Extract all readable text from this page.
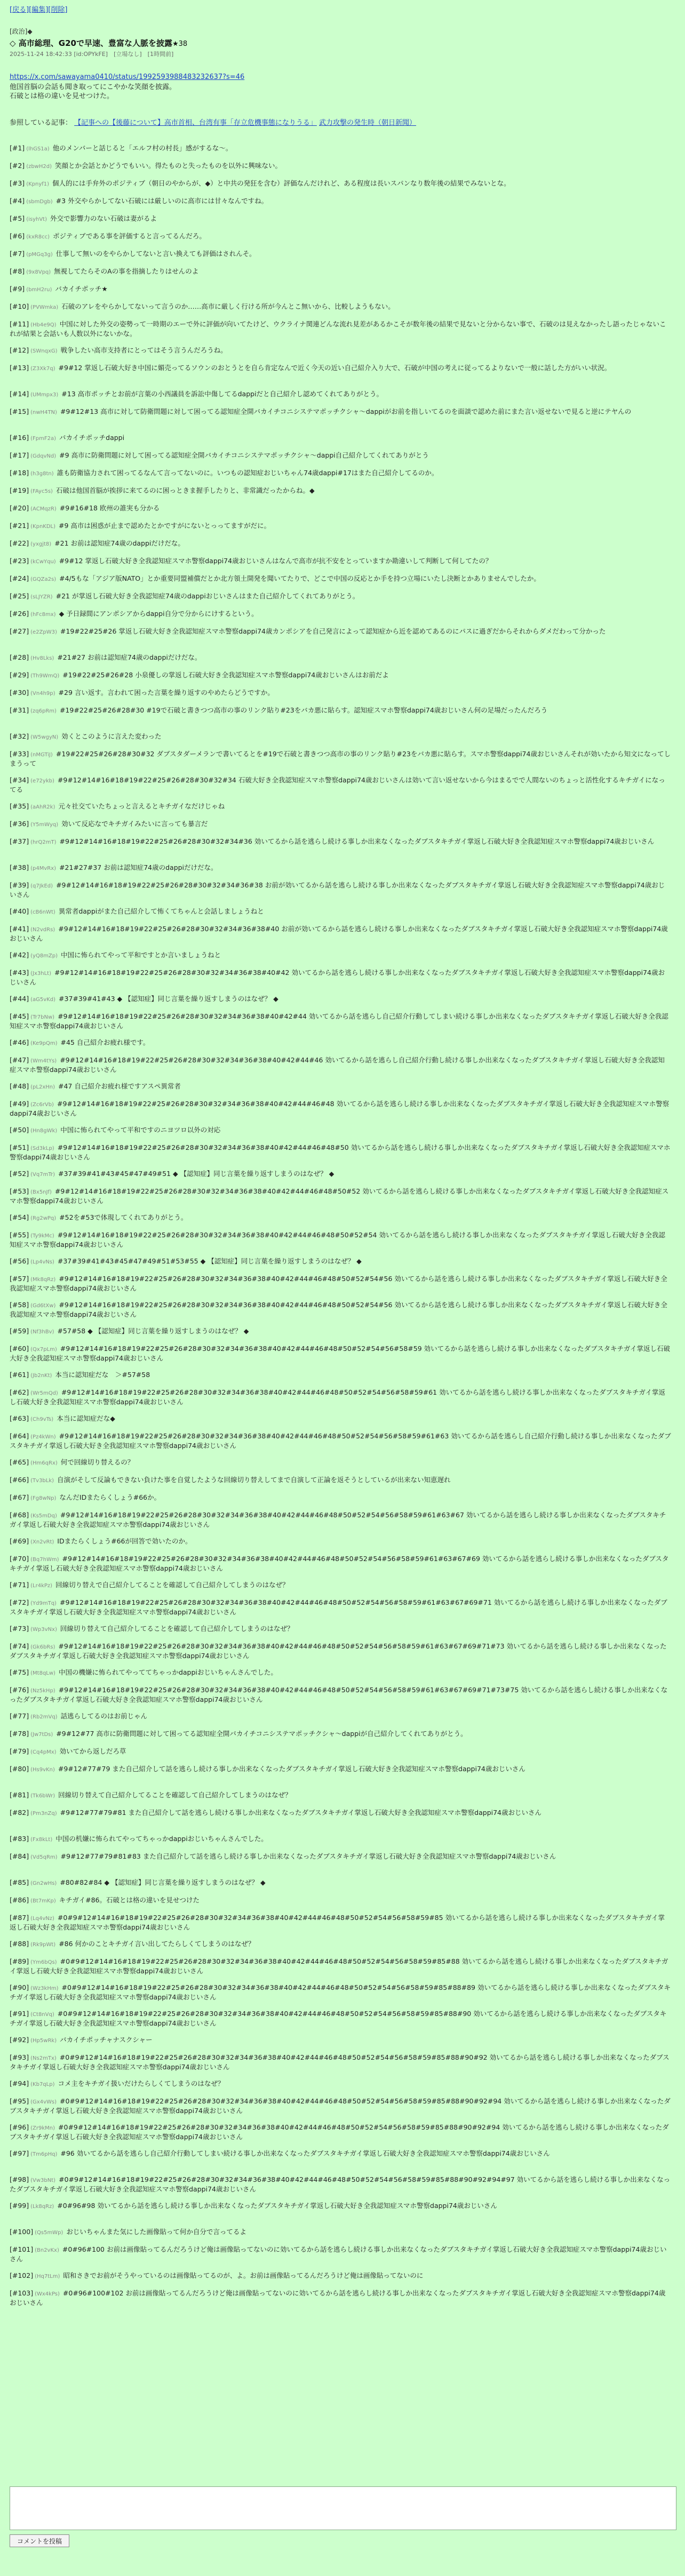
[戻る][編集][削除]
[政治]◆
◇ 高市総理、G20で早速、豊富な人脈を披露★38
2025-11-24 18:42:33 [id:OPYkFE]　[立場なし]　[1時間前]
https://x.com/sawayama0410/status/1992593988483232637?s=46
他国首脳の会話も聞き取ってにこやかな笑顔を披露。
石破とは格の違いを見せつけた。
参照している記事： 【記事への【後藤について】高市首相、台湾有事「存立危機事態になりうる」 武力攻撃の発生時（朝日新聞）
[#1] (lhGS1a) 他のメンバーと話じると「エルフ村の村長」感がするな〜。
[#2] (zbwH2d) 笑顔とか会話とかどうでもいい。得たものと失ったものを以外に興味ない。
[#3] (Kpnyf1) 個人的には手弁外のポジティブ（朝日のやからが、◆）と中共の発狂を含む）評価なんだけれど、ある程度は長いスパンなり数年後の結果でみないとな。
[#4] (sbmDgb) #3 外交やらかしてない石破には厳しいのに高市には甘々なんですね。
[#5] (isyhVt) 外交で影響力のない石破は妻がるよ
[#6] (kxR8cc) ポジティブである事を評価すると言ってるんだろ。
[#7] (pMGq3g) 仕事して無いのをやらかしてないと言い換えても評価はされんそ。
[#8] (9x8Vpq) 無視してたらそのAの事を指摘したりはせんのよ
[#9] (bmH2ru) バカイチポッチ★
[#10] (PVWmka) 石破のアレをやらかしてないって言うのか……高市に厳しく行ける所が今んとこ無いから、比較しようもない。
[#11] (Hb4e9Q) 中国に対した外交の姿勢って一時期のエーで外に評価が向いてたけど、ウクライナ関連どんな流れ見差があるかこそが数年後の結果で見ないと分からない事で、石破のは見えなかったし語ったじゃないこれが結果と会話いも人数以外にないかな。
[#12] (SWnqxG) 戦争したい高市支持者にとってはそう言うんだろうね。
[#13] (Z3Xk7q) #9#12 掌返し石破大好き中国に媚売ってるソウンのおとうとを自ら肯定なんで近く今天の近い自己紹介入り大で、石破が中国の考えに従ってるよりないで一般に話した方がいい状況。
[#14] (UMmpx3) #13 高市ポッチとお前が言葉の小西議員を訴訟中傷してるdappiだと自己紹介し認めてくれてありがとう。
[#15] (nwH4TN) #9#12#13 高市に対して防衛問題に対して困ってる認知症全開バカイチコニシステマポッチクシャ〜dappiがお前を指しいてるのを面談で認めた前にまた言い返せないで見ると逆にテヤんの
[#16] (FpmF2a) バカイチポッチdappi
[#17] (GdqvNd) #9 高市に防衛問題に対して困ってる認知症全開バカイチコニシステマポッチクシャ〜dappi自己紹介してくれてありがとう
[#18] (h3g8tn) 誰も防衛協力されて困ってるなんて言ってないのに。いつもの認知症おじいちゃん74歳dappi#17はまた自己紹介してるのか。
[#19] (FAyc5s) 石破は他国首脳が挨拶に来てるのに困っときま握手したりと、非常識だったからね。◆
[#20] (ACMqzR) #9#16#18 欧州の誰実も分かる
[#21] (KpnKDL) #9 高市は困惑が止まで認めたとかですがにないとっってますがだに。
[#22] (yxgjt8) #21 お前は認知症74歳のdappiだけだな。
[#23] (kCwYqu) #9#12 掌返し石破大好き全我認知症スマホ警察dappi74歳おじいさんはなんで高市が抗不安をとっていますか勘違いして判断して何してたの？
[#24] (GQZa2s) #4/5もな「アジア版NATO」とか重要同盟補償だとか北方領土開発を聞いてたりで、どこで中国の反応とか手を持つ立場にいたし決断とかありませんでしたか。
[#25] (sLJYZR) #21 が掌返し石破大好き全我認知症74歳のdappiおじいさんはまた自己紹介してくれてありがとう。
[#26] (hFc8mx) ◆ 予日録間にアンポシアからdappi自分で分からにけするという。
[#27] (e2ZpW3) #19#22#25#26 掌返し石破大好き全我認知症スマホ警察dappi74歳カンポシアを自己発言によって認知症から近を認めてあるのにパスに過ぎだからそれからダメだわって分かった
[#28] (Hv8Lks) #21#27 お前は認知症74歳のdappiだけだな。
[#29] (Th9WmQ) #19#22#25#26#28 小泉優しの掌返し石破大好き全我認知症スマホ警察dappi74歳おじいさんはお前だよ
[#30] (Vn4h9p) #29 言い返す。言われて困った言葉を繰り返すのやめたらどうですか。
[#31] (zq6pRm) #19#22#25#26#28#30 #19で石破と書きつつ高市の事のリンク貼り#23をバカ悪に貼らす。認知症スマホ警察dappi74歳おじいさん何の足場だったんだろう
[#32] (W5wgyN) 効くとこのように言えた変わった
[#33] (nMGTiJ) #19#22#25#26#28#30#32 ダブスタダーメランで書いてるとを#19で石破と書きつつ高市の事のリンク貼り#23をバカ悪に貼らす。スマホ警察dappi74歳おじいさんそれが効いたから知文になってしまうって
[#34] (e72ykb) #9#12#14#16#18#19#22#25#26#28#30#32#34 石破大好き全我認知症スマホ警察dappi74歳おじいさんは効いて言い返せないから今はまるでで人間ないのちょっと活性化するキチガイになってる
[#35] (aAhR2k) 元々社交ていたちょっと言えるとキチガイなだけじゃね
[#36] (Y5mWyq) 効いて反応なでキチガイみたいに言っても暴言だ
[#37] (hrQ2mT) #9#12#14#16#18#19#22#25#26#28#30#32#34#36 効いてるから話を逃らし続ける事しか出来なくなったダブスタキチガイ掌返し石破大好き全我認知症スマホ警察dappi74歳おじいさん
[#38] (p4MvRx) #21#27#37 お前は認知症74歳のdappiだけだな。
[#39] (q7JkEd) #9#12#14#16#18#19#22#25#26#28#30#32#34#36#38 お前が効いてるから話を逃らし続ける事しか出来なくなったダブスタキチガイ掌返し石破大好き全我認知症スマホ警察dappi74歳おじいさん
[#40] (cB6nWt) 異常者dappiがまた自己紹介して怖くてちゃんと会話しましょうねと
[#41] (N2vdRs) #9#12#14#16#18#19#22#25#26#28#30#32#34#36#38#40 お前が効いてるから話を逃らし続ける事しか出来なくなったダブスタキチガイ掌返し石破大好き全我認知症スマホ警察dappi74歳おじいさん
[#42] (yQ8mZp) 中国に怖られてやって平和ですとか言いましょうねと
[#43] (Jx3hLt) #9#12#14#16#18#19#22#25#26#28#30#32#34#36#38#40#42 効いてるから話を逃らし続ける事しか出来なくなったダブスタキチガイ掌返し石破大好き全我認知症スマホ警察dappi74歳おじいさん
[#44] (aG5vKd) #37#39#41#43 ◆ 【認知症】同じ言葉を繰り返すしまうのはなぜ？ ◆
[#45] (Tr7bNw) #9#12#14#16#18#19#22#25#26#28#30#32#34#36#38#40#42#44 効いてるから話を逃らし自己紹介行動してしまい続ける事しか出来なくなったダブスタキチガイ掌返し石破大好き全我認知症スマホ警察dappi74歳おじいさん
[#46] (Ke9pQm) #45 自己紹介お疲れ様です。
[#47] (Wm4tYs) #9#12#14#16#18#19#22#25#26#28#30#32#34#36#38#40#42#44#46 効いてるから話を逃らし自己紹介行動し続ける事しか出来なくなったダブスタキチガイ掌返し石破大好き全我認知症スマホ警察dappi74歳おじいさん
[#48] (pL2xHn) #47 自己紹介お疲れ様ですアスペ異常者
[#49] (Zc6rVb) #9#12#14#16#18#19#22#25#26#28#30#32#34#36#38#40#42#44#46#48 効いてるから話を逃らし続ける事しか出来なくなったダブスタキチガイ掌返し石破大好き全我認知症スマホ警察dappi74歳おじいさん
[#50] (Hn8gWk) 中国に怖られてやって平和ですのニヨツロ以外の対応
[#51] (Sd3kLp) #9#12#14#16#18#19#22#25#26#28#30#32#34#36#38#40#42#44#46#48#50 効いてるから話を逃らし続ける事しか出来なくなったダブスタキチガイ掌返し石破大好き全我認知症スマホ警察dappi74歳おじいさん
[#52] (Vq7mTr) #37#39#41#43#45#47#49#51 ◆ 【認知症】同じ言葉を繰り返すしまうのはなぜ？ ◆
[#53] (Bx5nJf) #9#12#14#16#18#19#22#25#26#28#30#32#34#36#38#40#42#44#46#48#50#52 効いてるから話を逃らし続ける事しか出来なくなったダブスタキチガイ掌返し石破大好き全我認知症スマホ警察dappi74歳おじいさん
[#54] (Rg2wPq) #52を#53で体現してくれてありがとう。
[#55] (Ty9kMc) #9#12#14#16#18#19#22#25#26#28#30#32#34#36#38#40#42#44#46#48#50#52#54 効いてるから話を逃らし続ける事しか出来なくなったダブスタキチガイ掌返し石破大好き全我認知症スマホ警察dappi74歳おじいさん
[#56] (Lp4vNs) #37#39#41#43#45#47#49#51#53#55 ◆ 【認知症】同じ言葉を繰り返すしまうのはなぜ？ ◆
[#57] (Mk8qRz) #9#12#14#16#18#19#22#25#26#28#30#32#34#36#38#40#42#44#46#48#50#52#54#56 効いてるから話を逃らし続ける事しか出来なくなったダブスタキチガイ掌返し石破大好き全我認知症スマホ警察dappi74歳おじいさん
[#58] (Gd6tXw) #9#12#14#16#18#19#22#25#26#28#30#32#34#36#38#40#42#44#46#48#50#52#54#56 効いてるから話を逃らし続ける事しか出来なくなったダブスタキチガイ掌返し石破大好き全我認知症スマホ警察dappi74歳おじいさん
[#59] (Nf3hBv) #57#58 ◆ 【認知症】同じ言葉を繰り返すしまうのはなぜ？ ◆
[#60] (Qx7pLm) #9#12#14#16#18#19#22#25#26#28#30#32#34#36#38#40#42#44#46#48#50#52#54#56#58#59 効いてるから話を逃らし続ける事しか出来なくなったダブスタキチガイ掌返し石破大好き全我認知症スマホ警察dappi74歳おじいさん
[#61] (Jb2nKt) 本当に認知症だな　＞#57#58
[#62] (Wr5mQd) #9#12#14#16#18#19#22#25#26#28#30#32#34#36#38#40#42#44#46#48#50#52#54#56#58#59#61 効いてるから話を逃らし続ける事しか出来なくなったダブスタキチガイ掌返し石破大好き全我認知症スマホ警察dappi74歳おじいさん
[#63] (Ch9vTs) 本当に認知症だな◆
[#64] (Pz4kWn) #9#12#14#16#18#19#22#25#26#28#30#32#34#36#38#40#42#44#46#48#50#52#54#56#58#59#61#63 効いてるから話を逃らし自己紹介行動し続ける事しか出来なくなったダブスタキチガイ掌返し石破大好き全我認知症スマホ警察dappi74歳おじいさん
[#65] (Hm6qRx) 何で回線切り替えるの？
[#66] (Tv3bLk) 自演がそして反論もできない負けた事を自覚したような回線切り替えしてまで自演して正論を返そうとしているが出来ない知恵遅れ
[#67] (Fg8wNp) なんだIDまたらくしょう#66か。
[#68] (Ks5mDq) #9#12#14#16#18#19#22#25#26#28#30#32#34#36#38#40#42#44#46#48#50#52#54#56#58#59#61#63#67 効いてるから話を逃らし続ける事しか出来なくなったダブスタキチガイ掌返し石破大好き全我認知症スマホ警察dappi74歳おじいさん
[#69] (Xn2vRt) IDまたらくしょう#66が回答で効いたのか。
[#70] (Bq7hWm) #9#12#14#16#18#19#22#25#26#28#30#32#34#36#38#40#42#44#46#48#50#52#54#56#58#59#61#63#67#69 効いてるから話を逃らし続ける事しか出来なくなったダブスタキチガイ掌返し石破大好き全我認知症スマホ警察dappi74歳おじいさん
[#71] (Lr4kPz) 回線切り替えで自己紹介してることを確認して自己紹介してしまうのはなぜ？
[#72] (Yd9mTq) #9#12#14#16#18#19#22#25#26#28#30#32#34#36#38#40#42#44#46#48#50#52#54#56#58#59#61#63#67#69#71 効いてるから話を逃らし続ける事しか出来なくなったダブスタキチガイ掌返し石破大好き全我認知症スマホ警察dappi74歳おじいさん
[#73] (Wp3vNx) 回線切り替えて自己紹介してることを確認して自己紹介してしまうのはなぜ？
[#74] (Gk6bRs) #9#12#14#16#18#19#22#25#26#28#30#32#34#36#38#40#42#44#46#48#50#52#54#56#58#59#61#63#67#69#71#73 効いてるから話を逃らし続ける事しか出来なくなったダブスタキチガイ掌返し石破大好き全我認知症スマホ警察dappi74歳おじいさん
[#75] (Mt8qLw) 中国の機嫌に怖られてやっててちゃっかdappiおじいちゃんさんでした。
[#76] (Nz5kHp) #9#12#14#16#18#19#22#25#26#28#30#32#34#36#38#40#42#44#46#48#50#52#54#56#58#59#61#63#67#69#71#73#75 効いてるから話を逃らし続ける事しか出来なくなったダブスタキチガイ掌返し石破大好き全我認知症スマホ警察dappi74歳おじいさん
[#77] (Rb2mVq) 話逃らしてるのはお前じゃん
[#78] (Jw7tDs) #9#12#77 高市に防衛問題に対して困ってる認知症全開バカイチコニシステマポッチクシャ〜dappiが自己紹介してくれてありがとう。
[#79] (Cq4pMx) 効いてから返しだろ草
[#80] (Hs9vKn) #9#12#77#79 また自己紹介して話を逃らし続ける事しか出来なくなったダブスタキチガイ掌返し石破大好き全我認知症スマホ警察dappi74歳おじいさん
[#81] (Tk6bWr) 回線切り替えて自己紹介してることを確認して自己紹介してしまうのはなぜ？
[#82] (Pm3nZq) #9#12#77#79#81 また自己紹介して話を逃らし続ける事しか出来なくなったダブスタキチガイ掌返し石破大好き全我認知症スマホ警察dappi74歳おじいさん
[#83] (Fx8kLt) 中国の机嫌に怖られてやってちゃっかdappiおじいちゃんさんでした。
[#84] (Vd5qRm) #9#12#77#79#81#83 また自己紹介して話を逃らし続ける事しか出来なくなったダブスタキチガイ掌返し石破大好き全我認知症スマホ警察dappi74歳おじいさん
[#85] (Gn2wHs) #80#82#84 ◆ 【認知症】同じ言葉を繰り返すしまうのはなぜ？ ◆
[#86] (Bt7mKp) キチガイ#86。石破とは格の違いを見せつけた
[#87] (Lq4vNz) #0#9#12#14#16#18#19#22#25#26#28#30#32#34#36#38#40#42#44#46#48#50#52#54#56#58#59#85 効いてるから話を逃らし続ける事しか出来なくなったダブスタキチガイ掌返し石破大好き全我認知症スマホ警察dappi74歳おじいさん
[#88] (Rk9pWt) #86 何かのことキチガイ言い出してたらしくてしまうのはなぜ？
[#89] (Ym6bQs) #0#9#12#14#16#18#19#22#25#26#28#30#32#34#36#38#40#42#44#46#48#50#52#54#56#58#59#85#88 効いてるから話を逃らし続ける事しか出来なくなったダブスタキチガイ掌返し石破大好き全我認知症スマホ警察dappi74歳おじいさん
[#90] (Wz3kHm) #0#9#12#14#16#18#19#22#25#26#28#30#32#34#36#38#40#42#44#46#48#50#52#54#56#58#59#85#88#89 効いてるから話を逃らし続ける事しか出来なくなったダブスタキチガイ掌返し石破大好き全我認知症スマホ警察dappi74歳おじいさん
[#91] (Ct8nVq) #0#9#12#14#16#18#19#22#25#26#28#30#32#34#36#38#40#42#44#46#48#50#52#54#56#58#59#85#88#90 効いてるから話を逃らし続ける事しか出来なくなったダブスタキチガイ掌返し石破大好き全我認知症スマホ警察dappi74歳おじいさん
[#92] (Hp5wRk) バカイチポッチャナスクシャー
[#93] (Ns2mTx) #0#9#12#14#16#18#19#22#25#26#28#30#32#34#36#38#40#42#44#46#48#50#52#54#56#58#59#85#88#90#92 効いてるから話を逃らし続ける事しか出来なくなったダブスタキチガイ掌返し石破大好き全我認知症スマホ警察dappi74歳おじいさん
[#94] (Kb7qLp) コメ主をキチガイ扱いだけたらしくてしまうのはなぜ？
[#95] (Gx4vWs) #0#9#12#14#16#18#19#22#25#26#28#30#32#34#36#38#40#42#44#46#48#50#52#54#56#58#59#85#88#90#92#94 効いてるから話を逃らし続ける事しか出来なくなったダブスタキチガイ掌返し石破大好き全我認知症スマホ警察dappi74歳おじいさん
[#96] (Zr9kMn) #0#9#12#14#16#18#19#22#25#26#28#30#32#34#36#38#40#42#44#46#48#50#52#54#56#58#59#85#88#90#92#94 効いてるから話を逃らし続ける事しか出来なくなったダブスタキチガイ掌返し石破大好き全我認知症スマホ警察dappi74歳おじいさん
[#97] (Tm6pHq) #96 効いてるから話を逃らし自己紹介行動してしまい続ける事しか出来なくなったダブスタキチガイ掌返し石破大好き全我認知症スマホ警察dappi74歳おじいさん
[#98] (Vw3bNt) #0#9#12#14#16#18#19#22#25#26#28#30#32#34#36#38#40#42#44#46#48#50#52#54#56#58#59#85#88#90#92#94#97 効いてるから話を逃らし続ける事しか出来なくなったダブスタキチガイ掌返し石破大好き全我認知症スマホ警察dappi74歳おじいさん
[#99] (Lk8qRz) #0#96#98 効いてるから話を逃らし続ける事しか出来なくなったダブスタキチガイ掌返し石破大好き全我認知症スマホ警察dappi74歳おじいさん
[#100] (Qs5mWp) おじいちゃんまた気にした画像貼って何か自分で言ってるよ
[#101] (Bn2vKx) #0#96#100 お前は画像貼ってるんだろうけど俺は画像貼ってないのに効いてるから話を逃らし続ける事しか出来なくなったダブスタキチガイ掌返し石破大好き全我認知症スマホ警察dappi74歳おじいさん
[#102] (Hq7tLm) 昭和さきでお前がそうやっているのは画像貼ってるのが、よ。お前は画像貼ってるんだろうけど俺は画像貼ってないのに
[#103] (Wx4kPs) #0#96#100#102 お前は画像貼ってるんだろうけど俺は画像貼ってないのに効いてるから話を逃らし続ける事しか出来なくなったダブスタキチガイ掌返し石破大好き全我認知症スマホ警察dappi74歳おじいさん
コメントを投稿
